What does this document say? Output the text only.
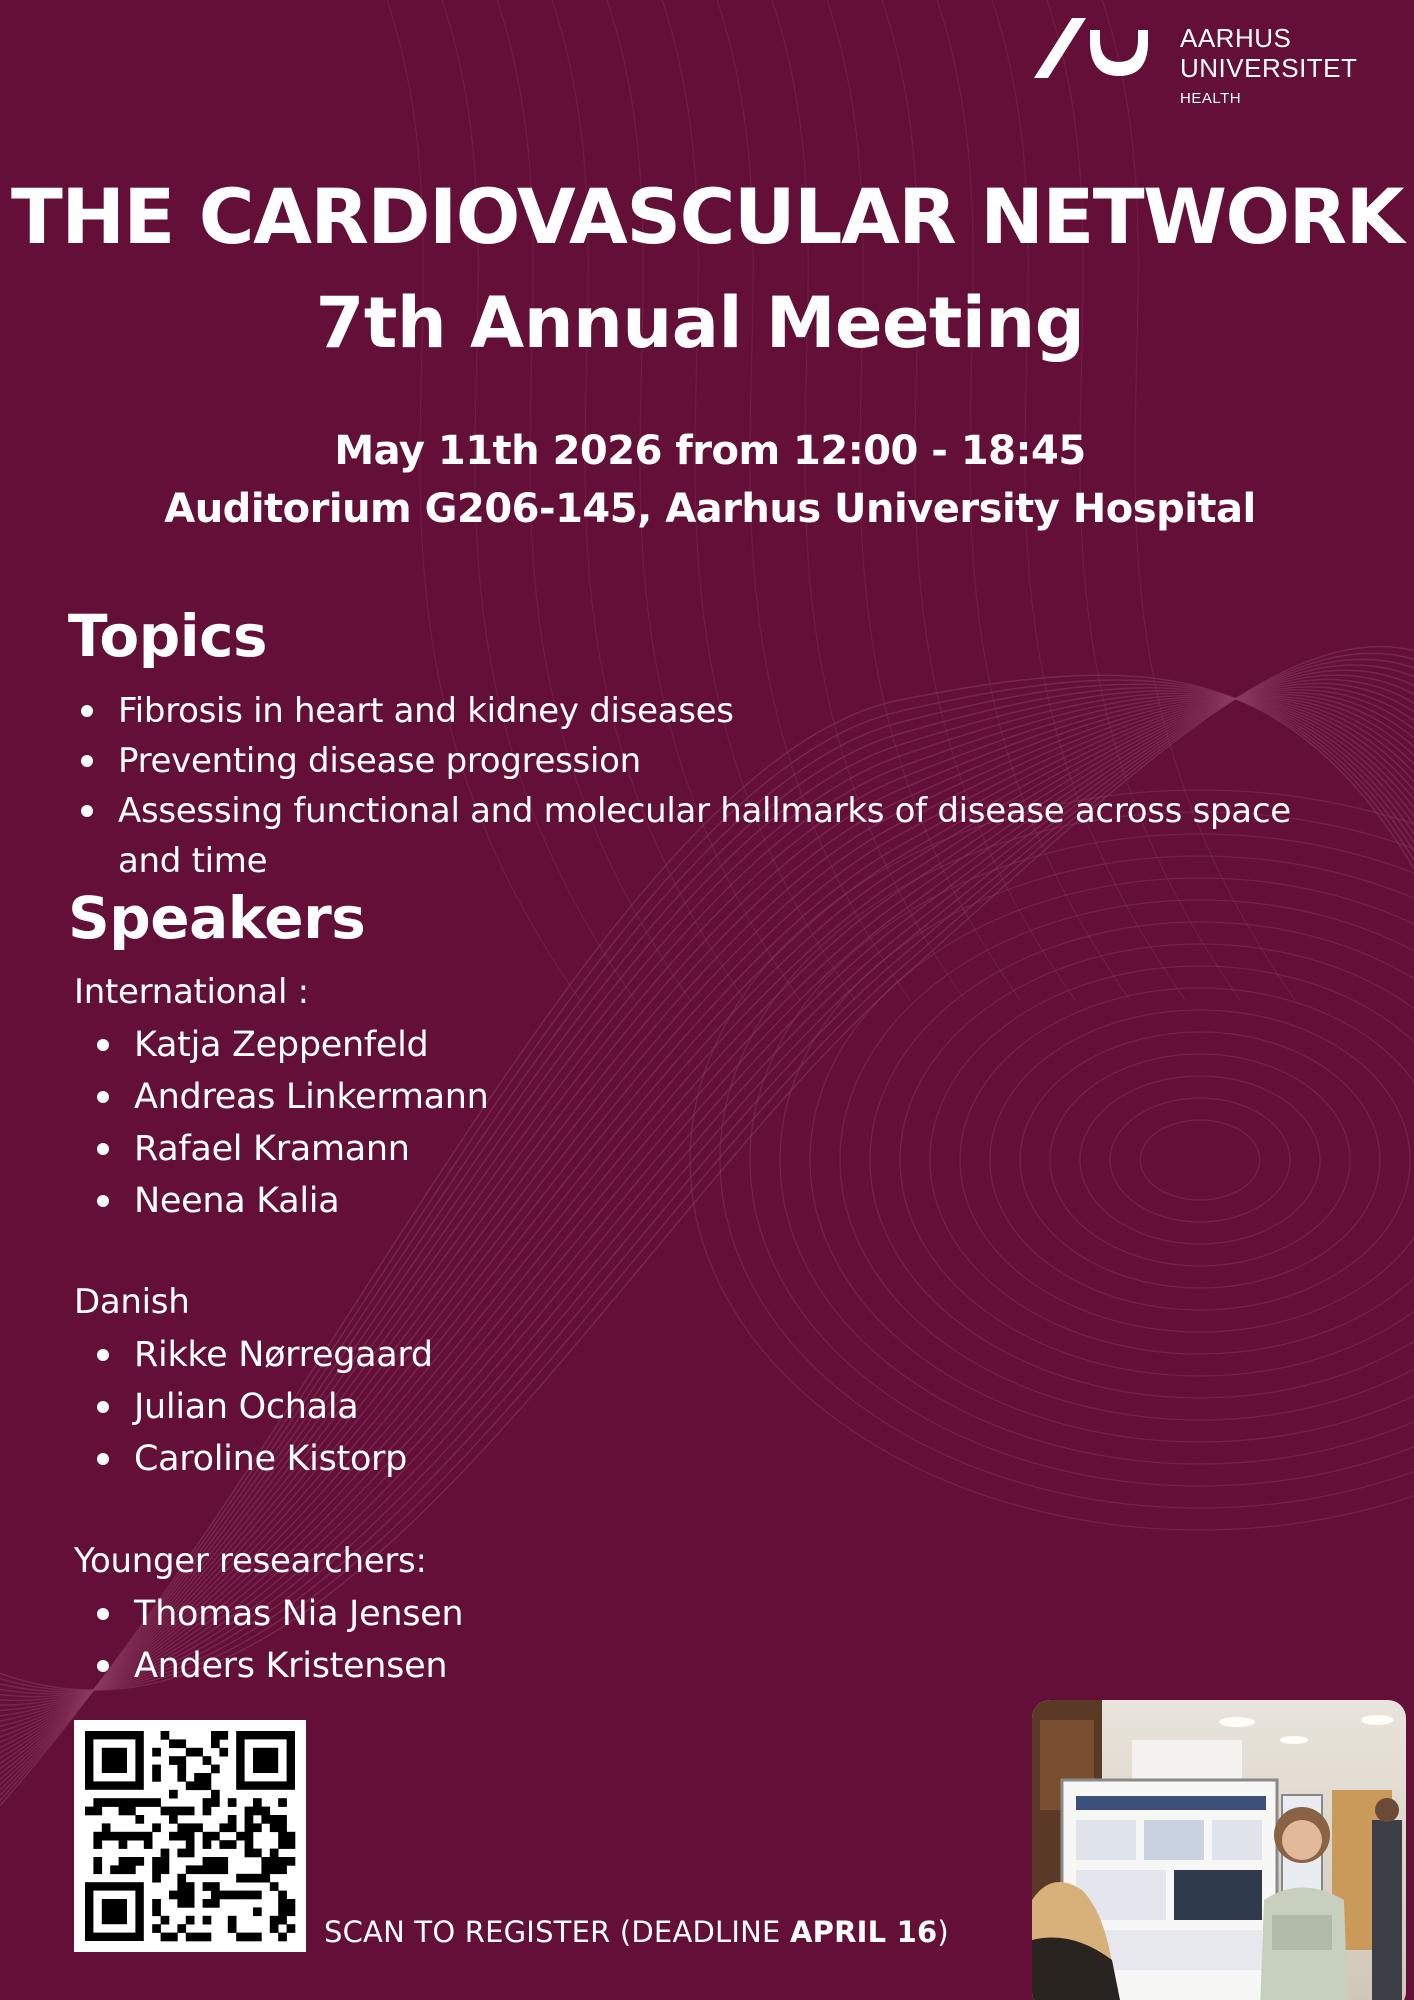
AARHUS
UNIVERSITET
HEALTH
THE CARDIOVASCULAR NETWORK
7th Annual Meeting
May 11th 2026 from 12:00 - 18:45
Auditorium G206-145, Aarhus University Hospital
Topics
Fibrosis in heart and kidney diseases
Preventing disease progression
Assessing functional and molecular hallmarks of disease across space and time
Speakers
International :
Katja Zeppenfeld
Andreas Linkermann
Rafael Kramann
Neena Kalia
Danish
Rikke Nørregaard
Julian Ochala
Caroline Kistorp
Younger researchers:
Thomas Nia Jensen
Anders Kristensen
SCAN TO REGISTER (DEADLINE APRIL 16)
